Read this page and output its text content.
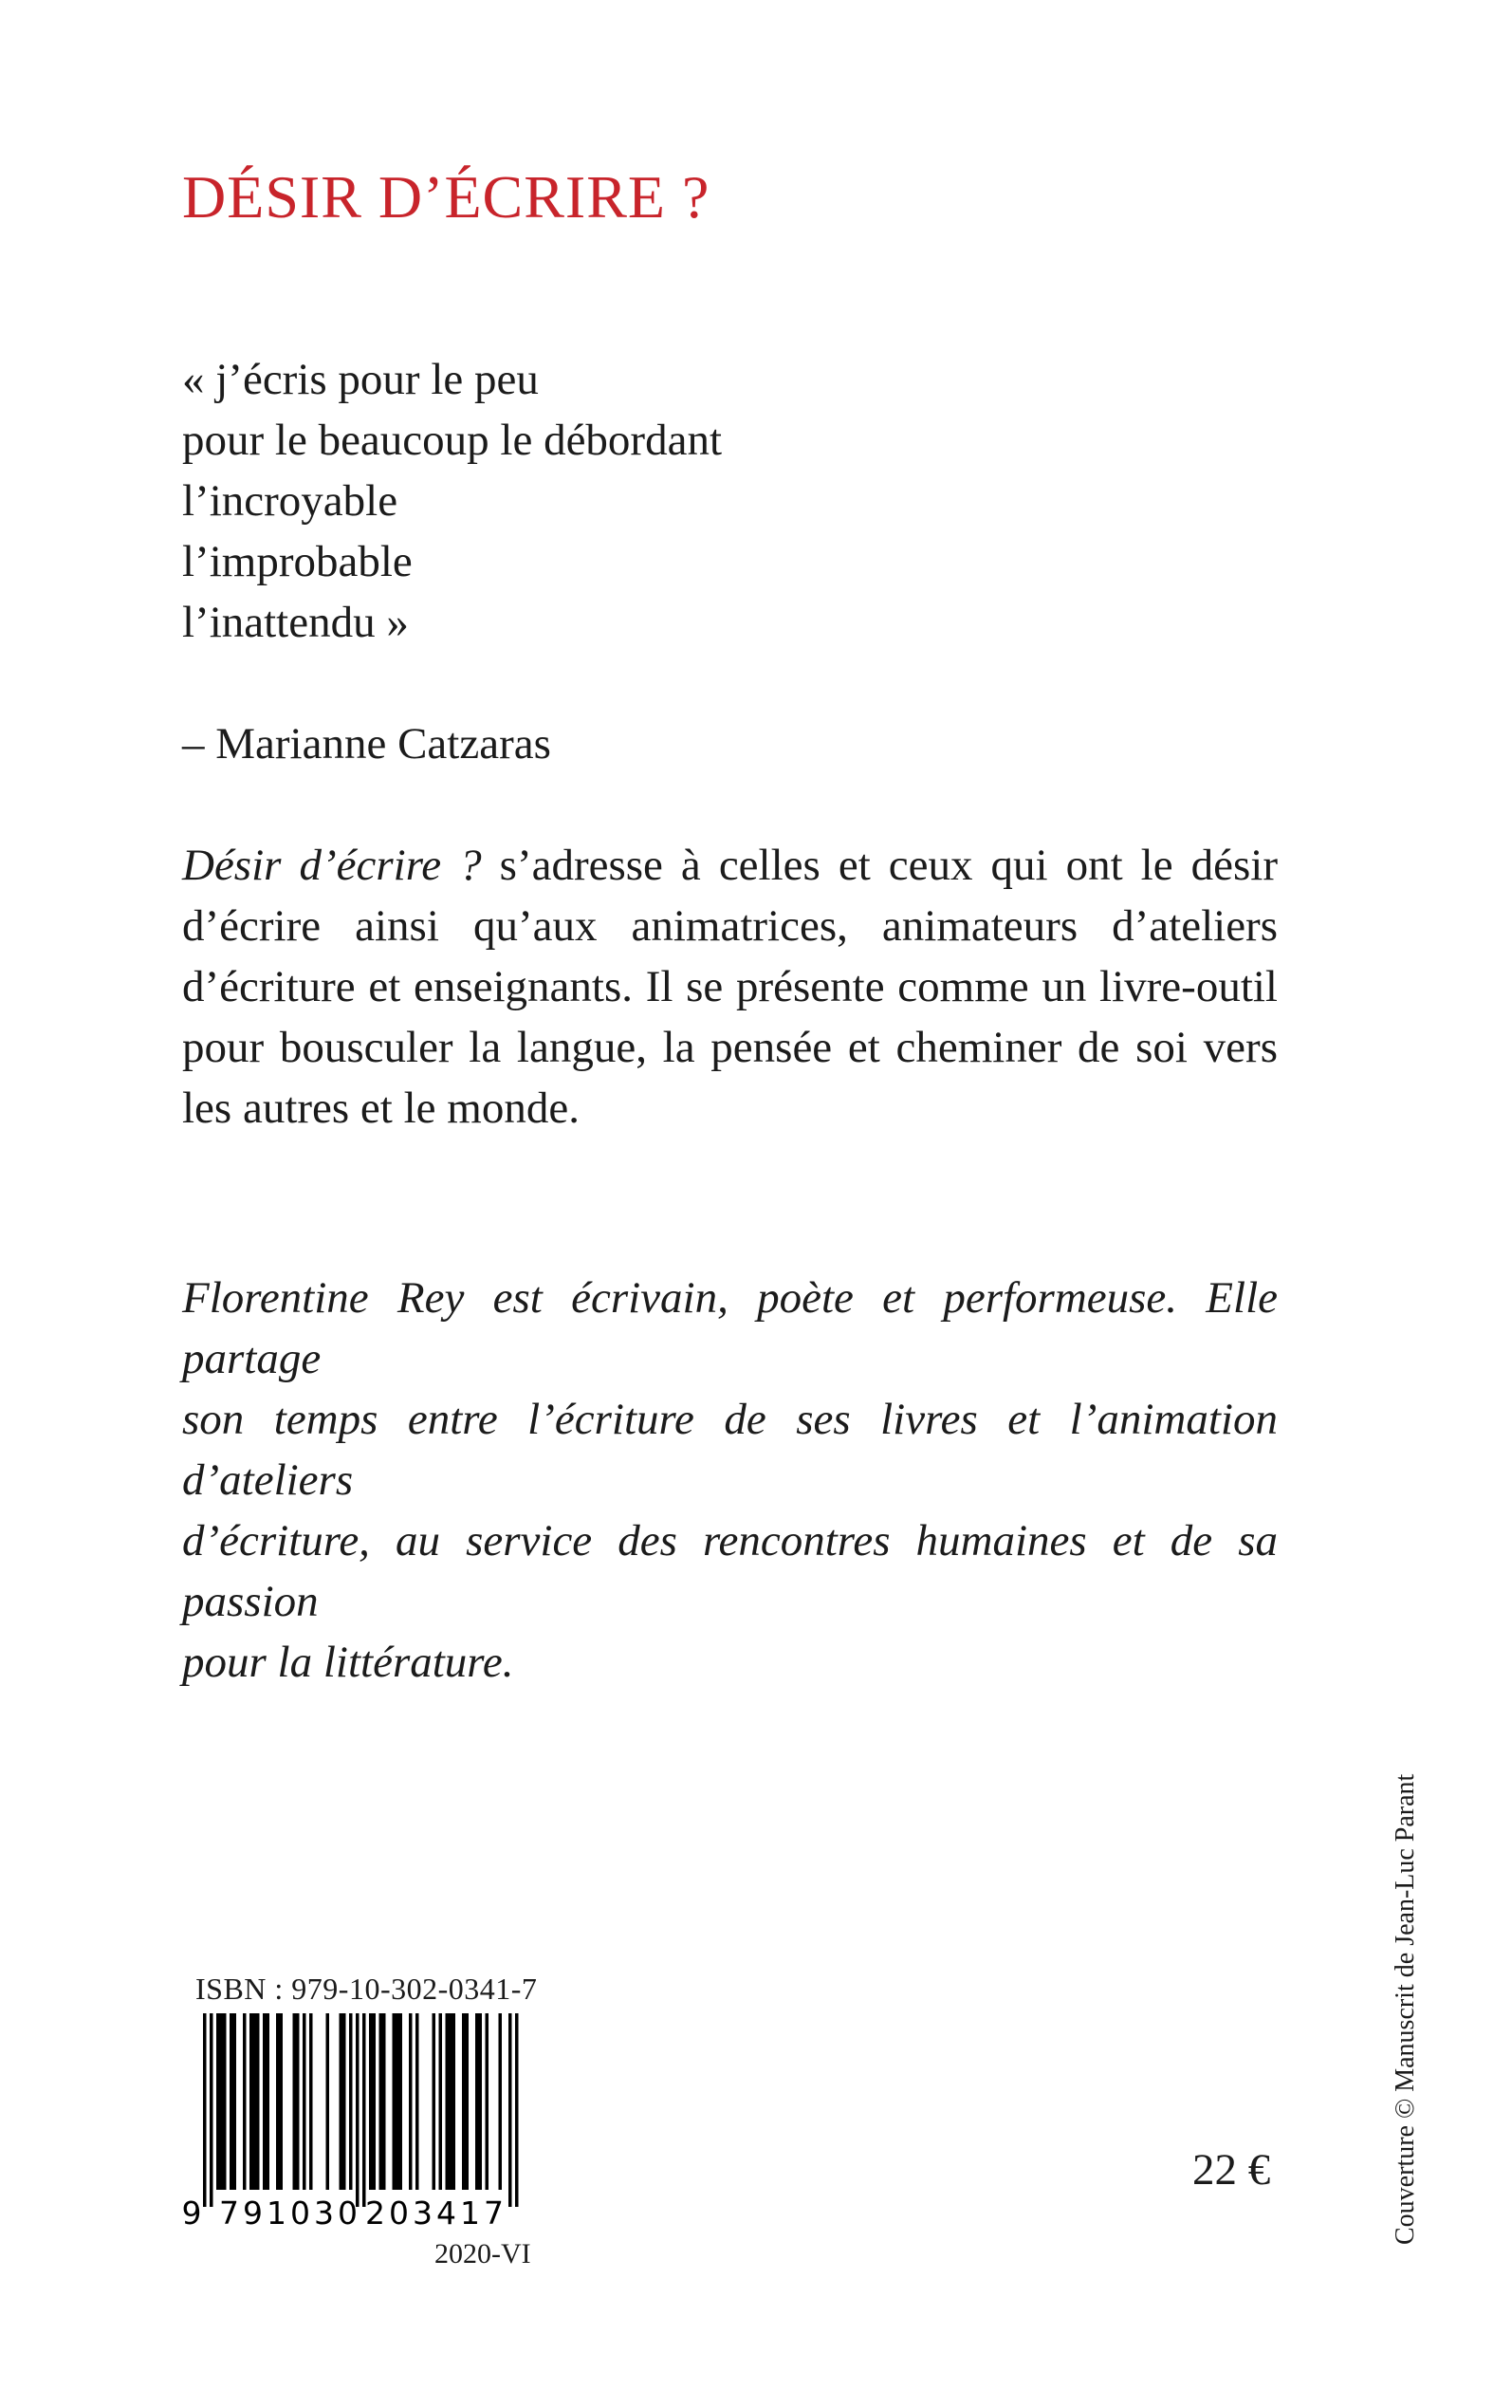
DÉSIR D’ÉCRIRE ?
« j’écris pour le peu
pour le beaucoup le débordant
l’incroyable
l’improbable
l’inattendu »
– Marianne Catzaras
Désir d’écrire ? s’adresse à celles et ceux qui ont le désir
d’écrire ainsi qu’aux animatrices, animateurs d’ateliers
d’écriture et enseignants. Il se présente comme un livre-outil
pour bousculer la langue, la pensée et cheminer de soi vers
les autres et le monde.
Florentine Rey est écrivain, poète et performeuse. Elle partage
son temps entre l’écriture de ses livres et l’animation d’ateliers
d’écriture, au service des rencontres humaines et de sa passion
pour la littérature.
ISBN : 979-10-302-0341-7
9 791030 203417
2020-VI
22 €	Couverture © Manuscrit de Jean-Luc Parant
